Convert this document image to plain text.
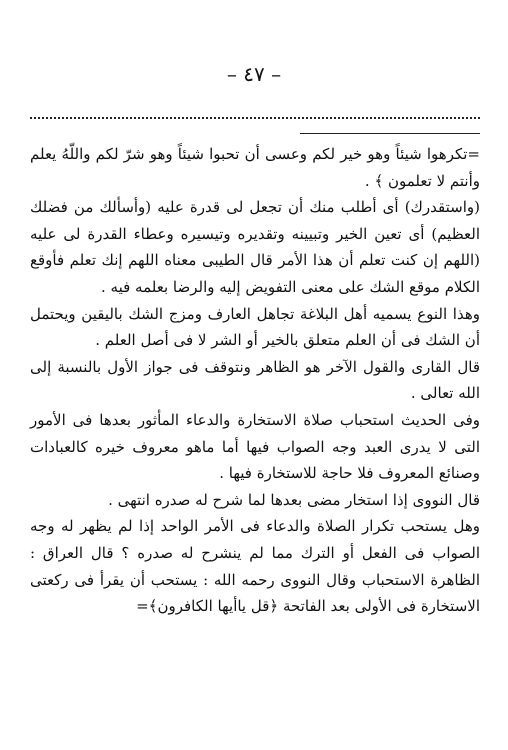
– ٤٧ –

=تكرهوا شيئاً وهو خير لكم وعسى أن تحبوا شيئاً وهو شرّ لكم واللّهُ يعلم وأنتم لا تعلمون ﴾ .

(واستقدرك) أى أطلب منك أن تجعل لى قدرة عليه (وأسألك من فضلك العظيم) أى تعين الخير وتبيينه وتقديره وتيسيره وعطاء القدرة لى عليه (اللهم إن كنت تعلم أن هذا الأمر قال الطيبى معناه اللهم إنك تعلم فأوقع الكلام موقع الشك على معنى التفويض إليه والرضا بعلمه فيه .

وهذا النوع يسميه أهل البلاغة تجاهل العارف ومزج الشك باليقين ويحتمل أن الشك فى أن العلم متعلق بالخير أو الشر لا فى أصل العلم .

قال القارى والقول الآخر هو الظاهر ونتوقف فى جواز الأول بالنسبة إلى الله تعالى .

وفى الحديث استحباب صلاة الاستخارة والدعاء المأثور بعدها فى الأمور التى لا يدرى العبد وجه الصواب فيها أما ماهو معروف خيره كالعبادات وصنائع المعروف فلا حاجة للاستخارة فيها .

قال النووى إذا استخار مضى بعدها لما شرح له صدره انتهى .

وهل يستحب تكرار الصلاة والدعاء فى الأمر الواحد إذا لم يظهر له وجه الصواب فى الفعل أو الترك مما لم ينشرح له صدره ؟ قال العراق : الظاهرة الاستحباب وقال النووى رحمه الله : يستحب أن يقرأ فى ركعتى الاستخارة فى الأولى بعد الفاتحة ﴿قل ياأيها الكافرون﴾=
